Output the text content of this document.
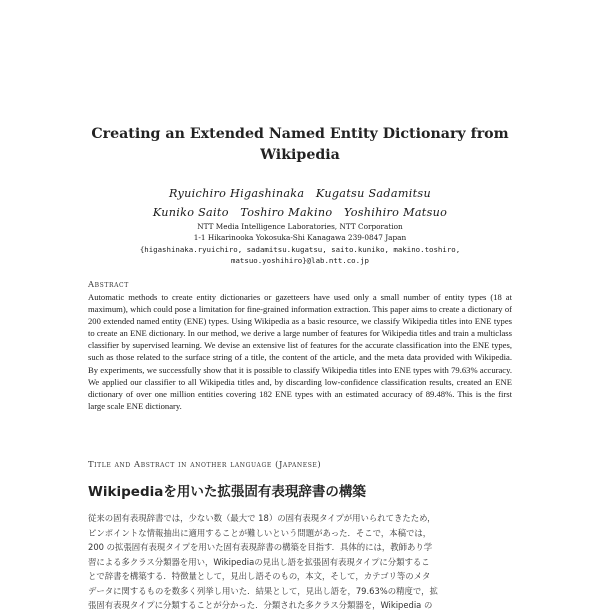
Creating an Extended Named Entity Dictionary from Wikipedia
Ryuichiro Higashinaka   Kugatsu Sadamitsu
Kuniko Saito   Toshiro Makino   Yoshihiro Matsuo
NTT Media Intelligence Laboratories, NTT Corporation
1-1 Hikarinooka Yokosuka-Shi Kanagawa 239-0847 Japan
{higashinaka.ryuichiro, sadamitsu.kugatsu, saito.kuniko, makino.toshiro,
matsuo.yoshihiro}@lab.ntt.co.jp
Abstract
Automatic methods to create entity dictionaries or gazetteers have used only a small number of entity types (18 at maximum), which could pose a limitation for fine-grained information extraction. This paper aims to create a dictionary of 200 extended named entity (ENE) types. Using Wikipedia as a basic resource, we classify Wikipedia titles into ENE types to create an ENE dictionary. In our method, we derive a large number of features for Wikipedia titles and train a multiclass classifier by supervised learning. We devise an extensive list of features for the accurate classification into the ENE types, such as those related to the surface string of a title, the content of the article, and the meta data provided with Wikipedia. By experiments, we successfully show that it is possible to classify Wikipedia titles into ENE types with 79.63% accuracy. We applied our classifier to all Wikipedia titles and, by discarding low-confidence classification results, created an ENE dictionary of over one million entities covering 182 ENE types with an estimated accuracy of 89.48%. This is the first large scale ENE dictionary.
Title and Abstract in another language (Japanese)
Wikipediaを用いた拡張固有表現辞書の構築
従来の固有表現辞書では，少ない数（最大で 18）の固有表現タイプが用いられてきたため，
ピンポイントな情報抽出に適用することが難しいという問題があった．そこで，本稿では，
200 の拡張固有表現タイプを用いた固有表現辞書の構築を目指す．具体的には，教師あり学
習による多クラス分類器を用い，Wikipediaの見出し語を拡張固有表現タイプに分類するこ
とで辞書を構築する．特徴量として，見出し語そのもの，本文，そして，カテゴリ等のメタ
データに関するものを数多く列挙し用いた．結果として，見出し語を，79.63%の精度で，拡
張固有表現タイプに分類することが分かった．分類された多クラス分類器を，Wikipedia の
